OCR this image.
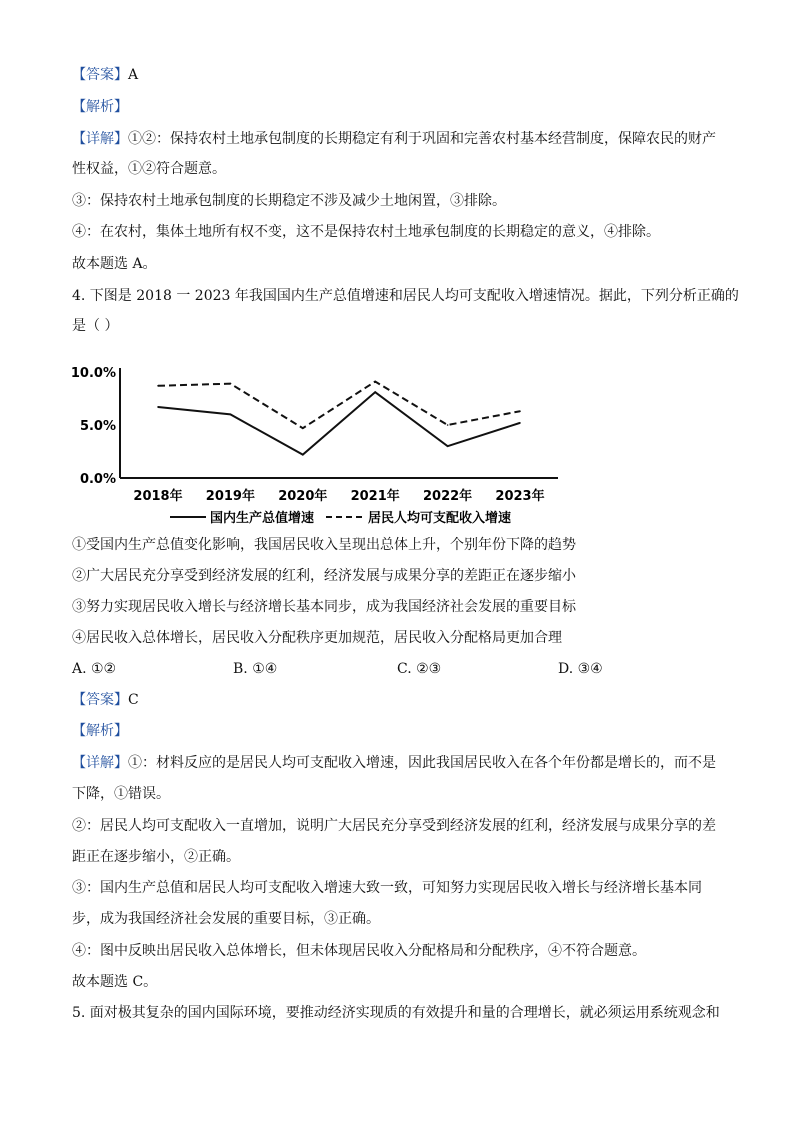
【答案】A
【解析】
【详解】①②：保持农村土地承包制度的长期稳定有利于巩固和完善农村基本经营制度，保障农民的财产
性权益，①②符合题意。
③：保持农村土地承包制度的长期稳定不涉及减少土地闲置，③排除。
④：在农村，集体土地所有权不变，这不是保持农村土地承包制度的长期稳定的意义，④排除。
故本题选 A。
4. 下图是 2018 一 2023 年我国国内生产总值增速和居民人均可支配收入增速情况。据此，下列分析正确的
是（ ）
10.0%
5.0%
0.0%
2018年 2019年 2020年 2021年 2022年 2023年
国内生产总值增速	居民人均可支配收入增速
①受国内生产总值变化影响，我国居民收入呈现出总体上升，个别年份下降的趋势
②广大居民充分享受到经济发展的红利，经济发展与成果分享的差距正在逐步缩小
③努力实现居民收入增长与经济增长基本同步，成为我国经济社会发展的重要目标
④居民收入总体增长，居民收入分配秩序更加规范，居民收入分配格局更加合理
A. ①②	B. ①④	C. ②③	D. ③④
【答案】C
【解析】
【详解】①：材料反应的是居民人均可支配收入增速，因此我国居民收入在各个年份都是增长的，而不是
下降，①错误。
②：居民人均可支配收入一直增加，说明广大居民充分享受到经济发展的红利，经济发展与成果分享的差
距正在逐步缩小，②正确。
③：国内生产总值和居民人均可支配收入增速大致一致，可知努力实现居民收入增长与经济增长基本同
步，成为我国经济社会发展的重要目标，③正确。
④：图中反映出居民收入总体增长，但未体现居民收入分配格局和分配秩序，④不符合题意。
故本题选 C。
5. 面对极其复杂的国内国际环境，要推动经济实现质的有效提升和量的合理增长，就必须运用系统观念和
